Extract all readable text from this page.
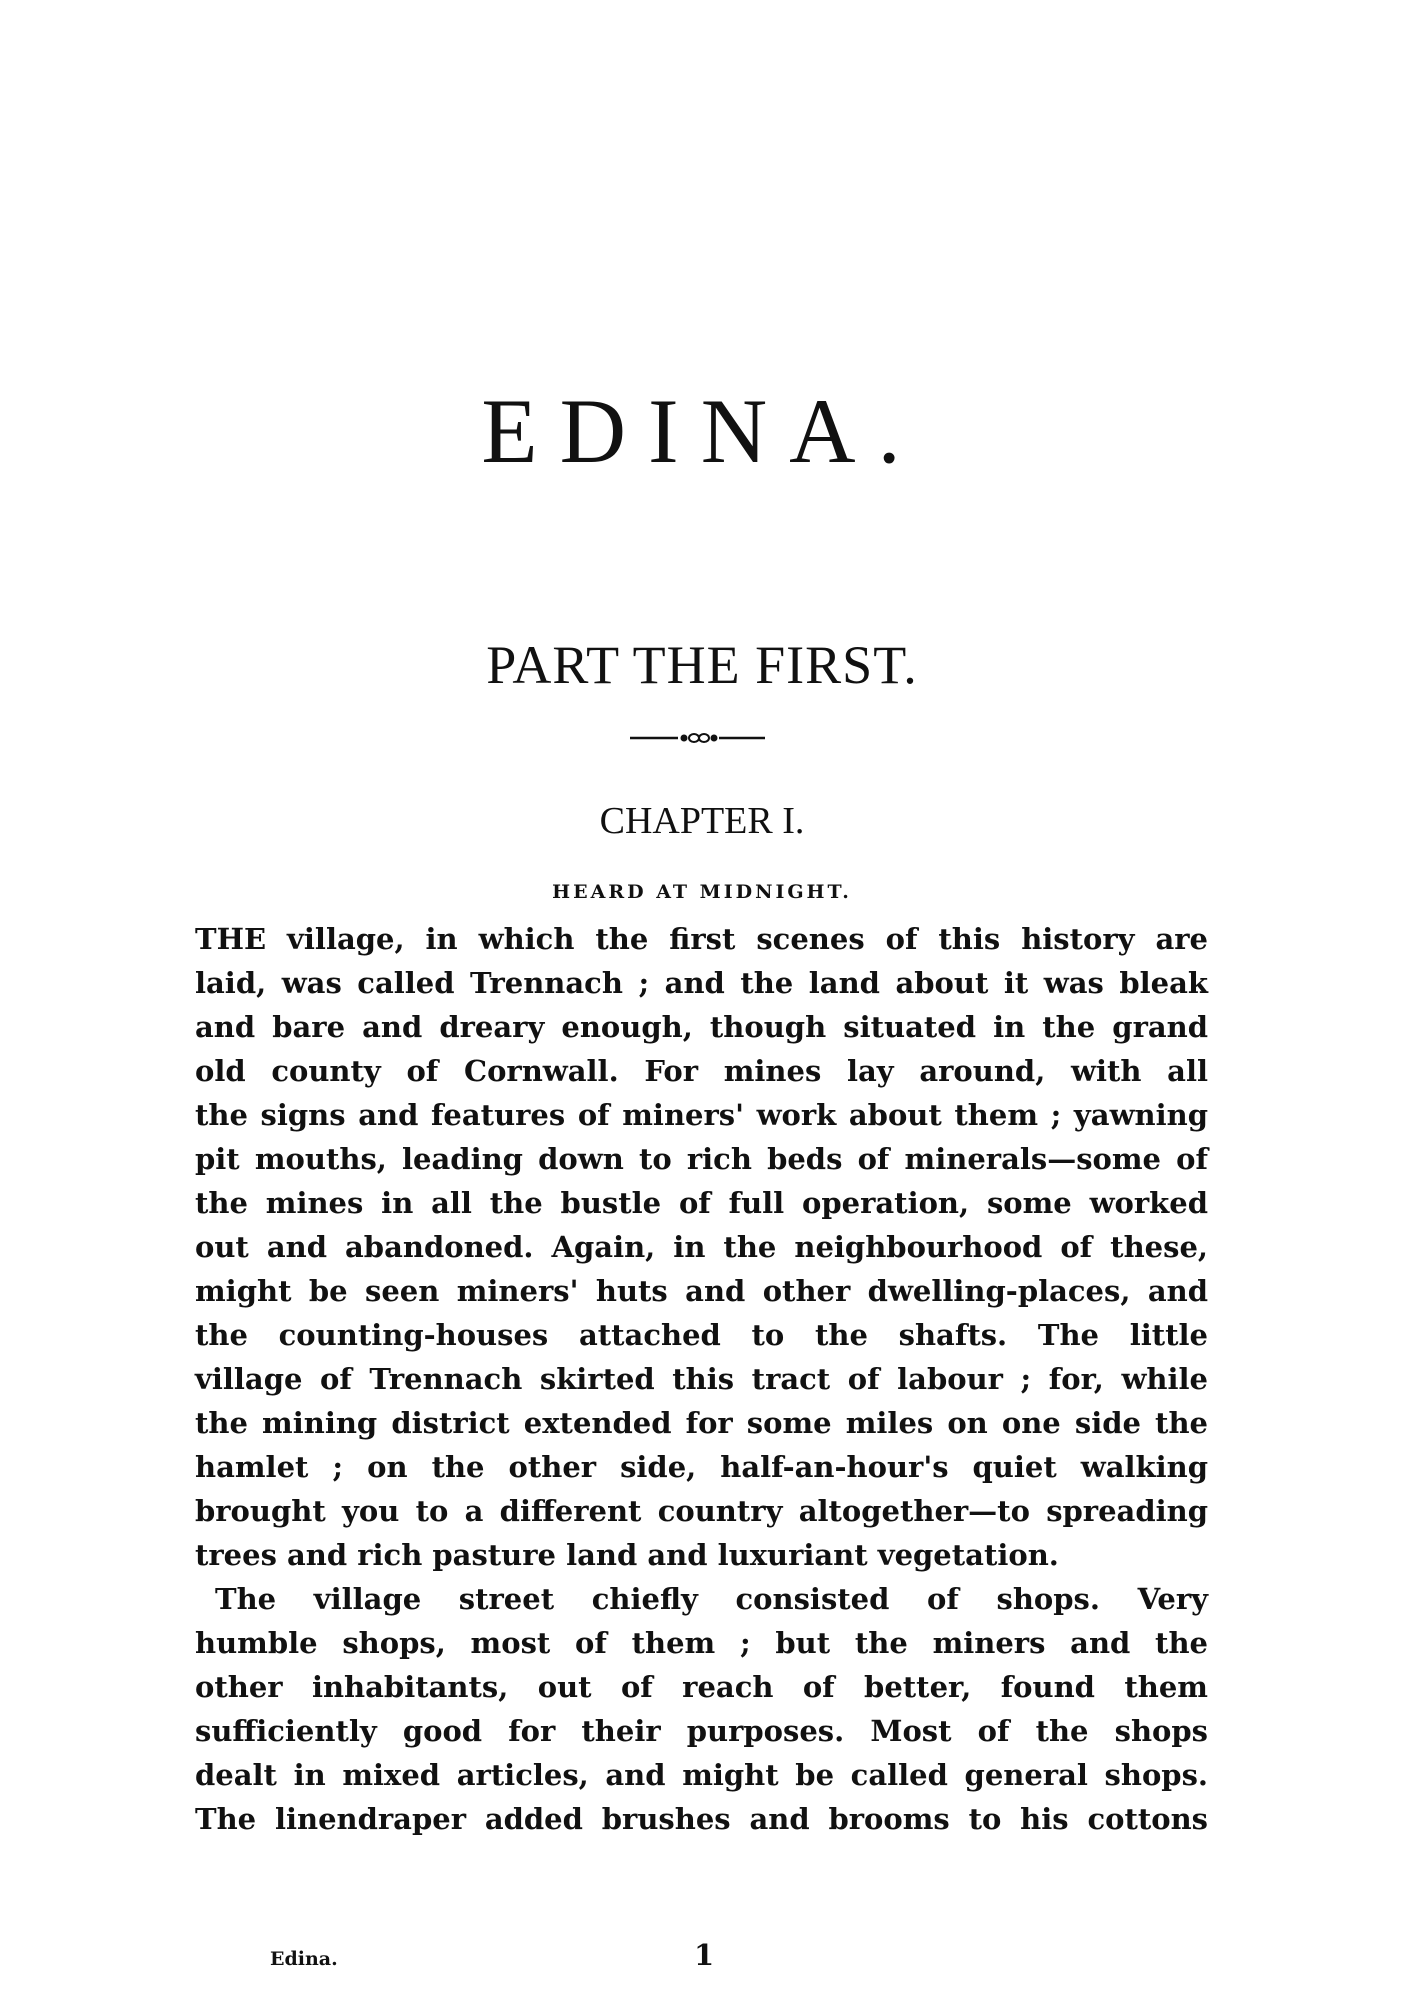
EDINA.
PART THE FIRST.
CHAPTER I.
HEARD AT MIDNIGHT.
THE village, in which the first scenes of this history are
laid, was called Trennach ; and the land about it was bleak
and bare and dreary enough, though situated in the grand
old county of Cornwall. For mines lay around, with all
the signs and features of miners' work about them ; yawning
pit mouths, leading down to rich beds of minerals—some of
the mines in all the bustle of full operation, some worked
out and abandoned. Again, in the neighbourhood of these,
might be seen miners' huts and other dwelling-places, and
the counting-houses attached to the shafts. The little
village of Trennach skirted this tract of labour ; for, while
the mining district extended for some miles on one side the
hamlet ; on the other side, half-an-hour's quiet walking
brought you to a different country altogether—to spreading
trees and rich pasture land and luxuriant vegetation.
The village street chiefly consisted of shops. Very
humble shops, most of them ; but the miners and the
other inhabitants, out of reach of better, found them
sufficiently good for their purposes. Most of the shops
dealt in mixed articles, and might be called general shops.
The linendraper added brushes and brooms to his cottons
Edina.	1
